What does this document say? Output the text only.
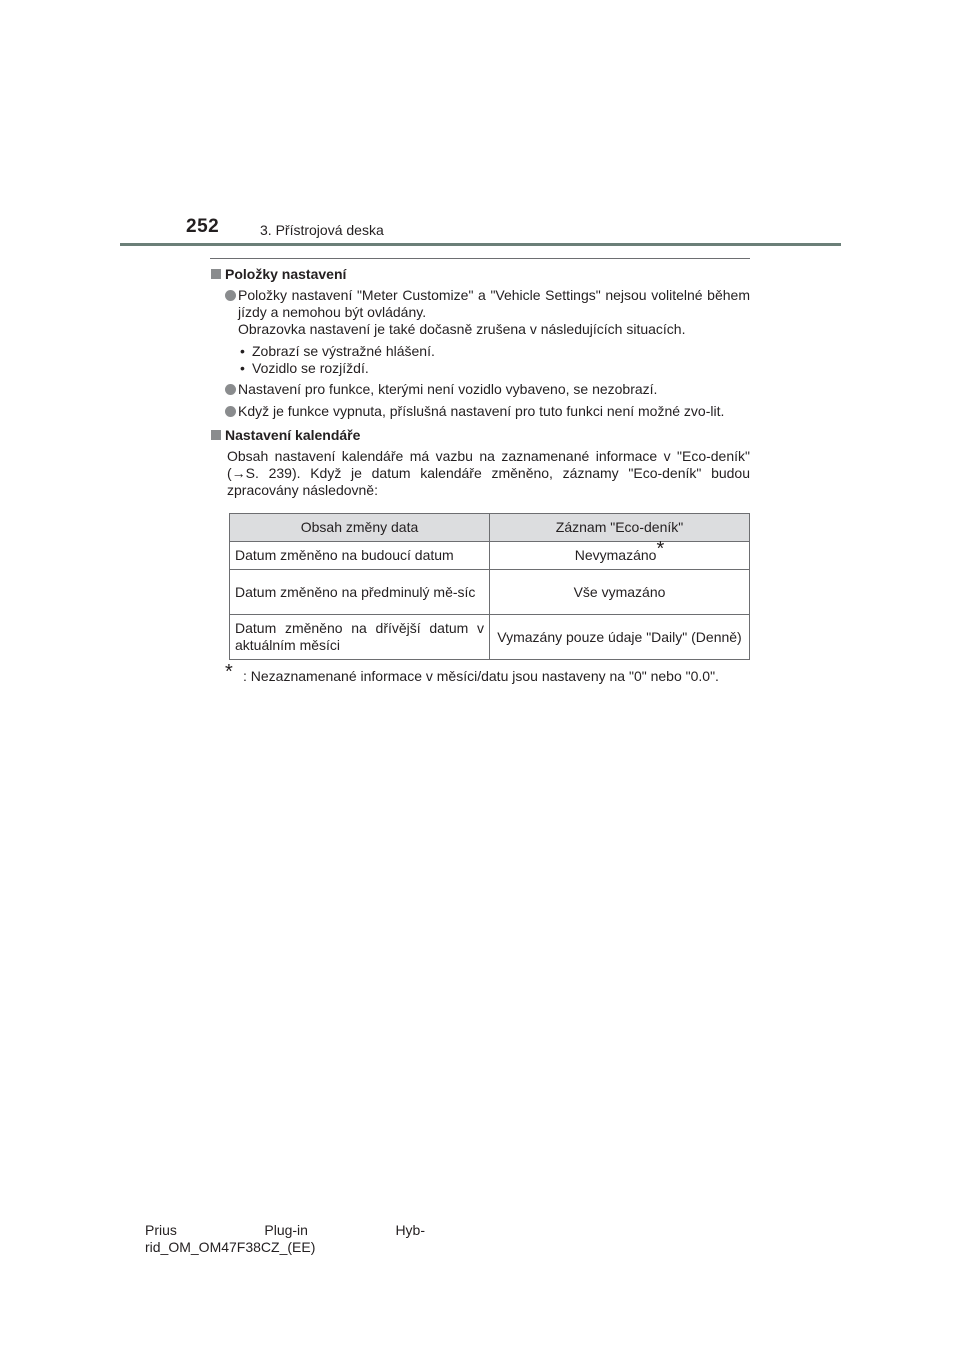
252	3. Přístrojová deska
Položky nastavení
Položky nastavení "Meter Customize" a "Vehicle Settings" nejsou volitelné během jízdy a nemohou být ovládány.
Obrazovka nastavení je také dočasně zrušena v následujících situacích.
• Zobrazí se výstražné hlášení.
• Vozidlo se rozjíždí.
Nastavení pro funkce, kterými není vozidlo vybaveno, se nezobrazí.
Když je funkce vypnuta, příslušná nastavení pro tuto funkci není možné zvo-lit.
Nastavení kalendáře
Obsah nastavení kalendáře má vazbu na zaznamenané informace v "Eco-deník" (→S. 239). Když je datum kalendáře změněno, záznamy "Eco-deník" budou zpracovány následovně:
Obsah změny data	Záznam "Eco-deník"
Datum změněno na budoucí datum	Nevymazáno*
Datum změněno na předminulý mě-síc	Vše vymazáno
Datum změněno na dřívější datum v aktuálním měsíci	Vymazány pouze údaje "Daily" (Denně)
* : Nezaznamenané informace v měsíci/datu jsou nastaveny na "0" nebo "0.0".
Prius	Plug-in	Hyb-
rid_OM_OM47F38CZ_(EE)
